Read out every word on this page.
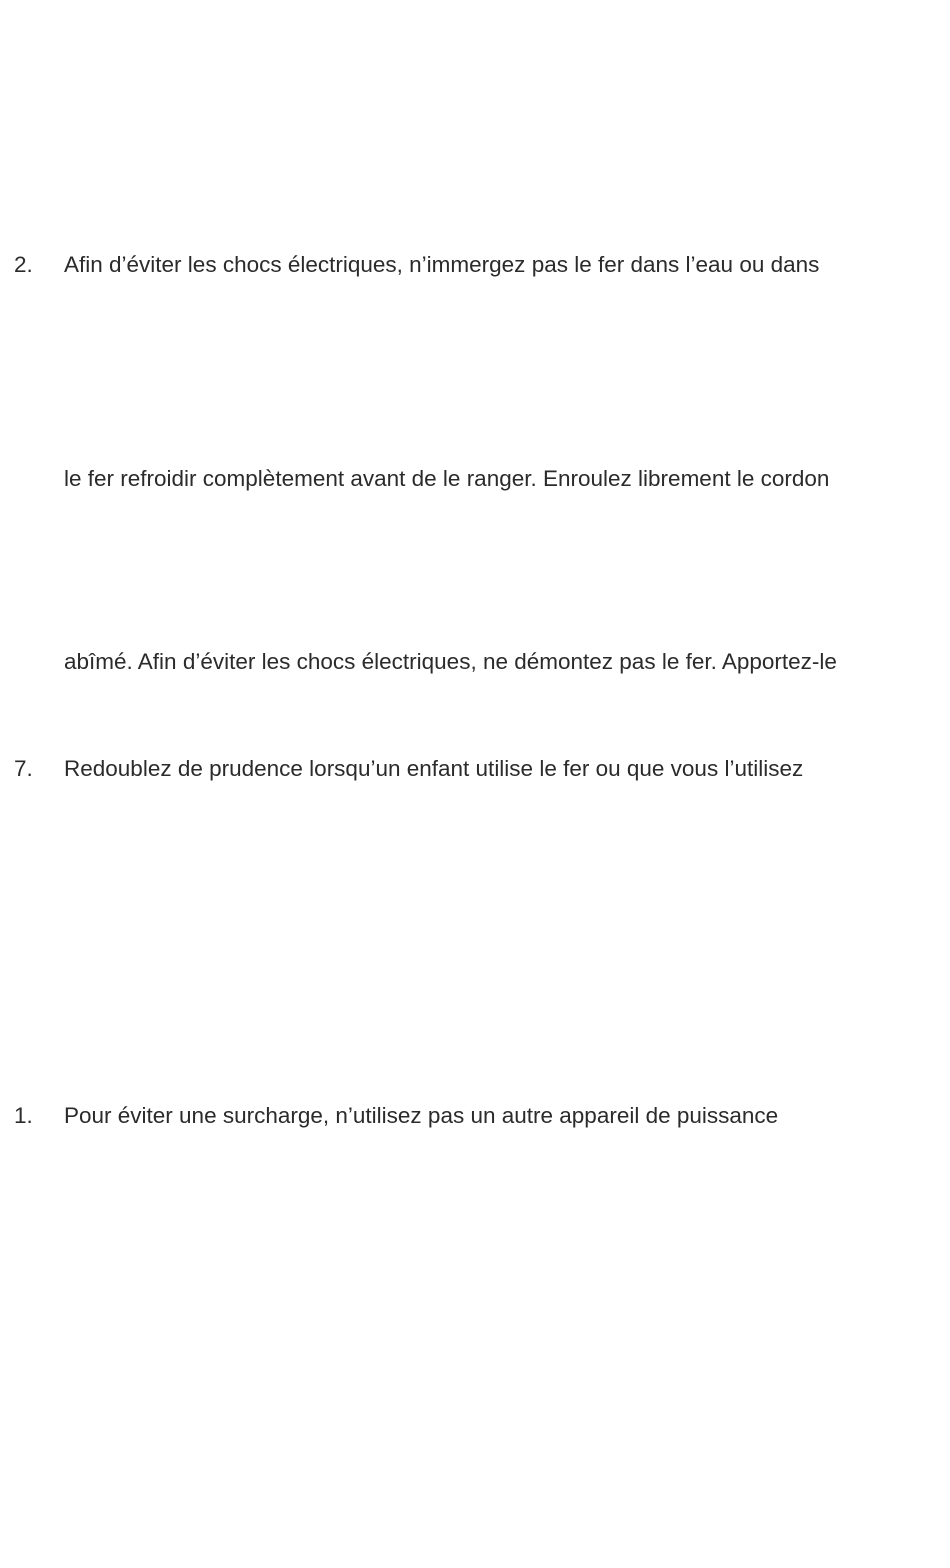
2. Afin d’éviter les chocs électriques, n’immergez pas le fer dans l’eau ou dans
le fer refroidir complètement avant de le ranger. Enroulez librement le cordon
abîmé. Afin d’éviter les chocs électriques, ne démontez pas le fer. Apportez-le
7. Redoublez de prudence lorsqu’un enfant utilise le fer ou que vous l’utilisez
1. Pour éviter une surcharge, n’utilisez pas un autre appareil de puissance
